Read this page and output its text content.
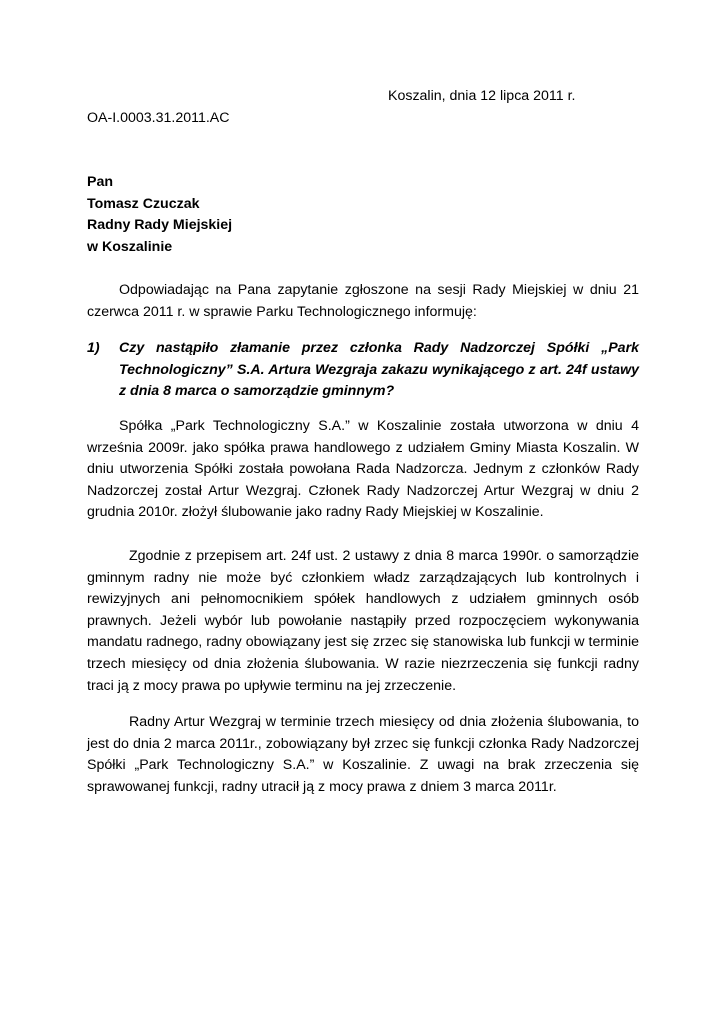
Koszalin, dnia 12 lipca 2011 r.
OA-I.0003.31.2011.AC
Pan
Tomasz Czuczak
Radny Rady Miejskiej
w Koszalinie
Odpowiadając na Pana zapytanie zgłoszone na sesji Rady Miejskiej w dniu 21 czerwca 2011 r. w sprawie Parku Technologicznego informuję:
1)	Czy nastąpiło złamanie przez członka Rady Nadzorczej Spółki „Park Technologiczny” S.A. Artura Wezgraja zakazu wynikającego z art. 24f ustawy z dnia 8 marca o samorządzie gminnym?
Spółka „Park Technologiczny S.A.” w Koszalinie została utworzona w dniu 4 września 2009r. jako spółka prawa handlowego z udziałem Gminy Miasta Koszalin. W dniu utworzenia Spółki została powołana Rada Nadzorcza. Jednym z członków Rady Nadzorczej został Artur Wezgraj. Członek Rady Nadzorczej Artur Wezgraj w dniu 2 grudnia 2010r. złożył ślubowanie jako radny Rady Miejskiej w Koszalinie.
Zgodnie z przepisem art. 24f ust. 2 ustawy z dnia 8 marca 1990r. o samorządzie gminnym radny nie może być członkiem władz zarządzających lub kontrolnych i rewizyjnych ani pełnomocnikiem spółek handlowych z udziałem gminnych osób prawnych. Jeżeli wybór lub powołanie nastąpiły przed rozpoczęciem wykonywania mandatu radnego, radny obowiązany jest się zrzec się stanowiska lub funkcji w terminie trzech miesięcy od dnia złożenia ślubowania. W razie niezrzeczenia się funkcji radny traci ją z mocy prawa po upływie terminu na jej zrzeczenie.
Radny Artur Wezgraj w terminie trzech miesięcy od dnia złożenia ślubowania, to jest do dnia 2 marca 2011r., zobowiązany był zrzec się funkcji członka Rady Nadzorczej Spółki „Park Technologiczny S.A.” w Koszalinie. Z uwagi na brak zrzeczenia się sprawowanej funkcji, radny utracił ją z mocy prawa z dniem 3 marca 2011r.
